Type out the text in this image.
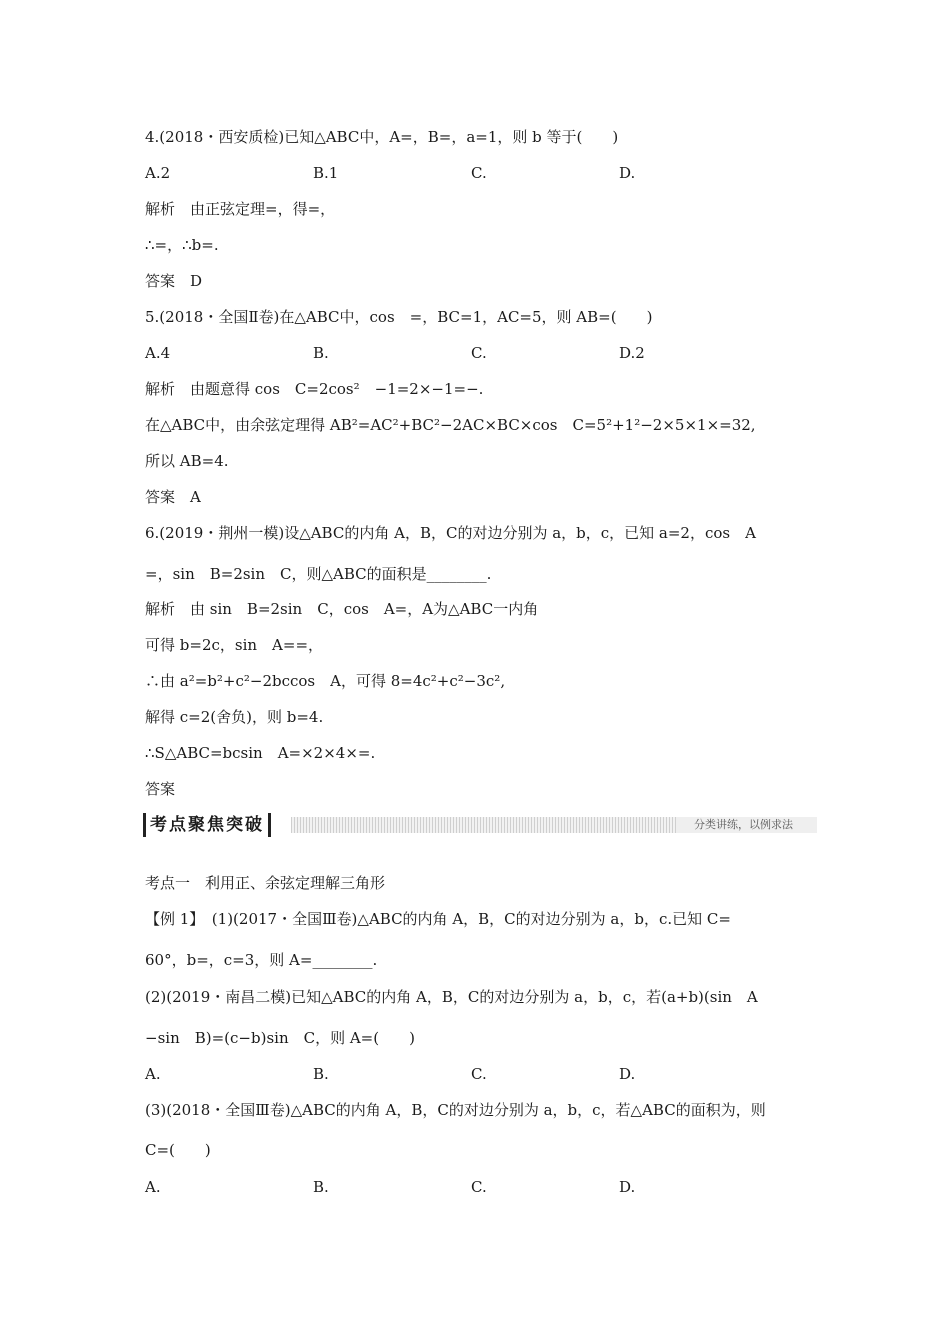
4.(2018・西安质检)已知△ABC中，A=，B=，a=1，则 b 等于(　　)
A.2	B.1	C.	D.
解析　由正弦定理=，得=，
∴=，∴b=.
答案　D
5.(2018・全国Ⅱ卷)在△ABC中，cos　=，BC=1，AC=5，则 AB=(　　)
A.4	B.	C.	D.2
解析　由题意得 cos　C=2cos²　−1=2×−1=−.
在△ABC中，由余弦定理得 AB²=AC²+BC²−2AC×BC×cos　C=5²+1²−2×5×1×=32,
所以 AB=4.
答案　A
6.(2019・荆州一模)设△ABC的内角 A，B，C的对边分别为 a，b，c，已知 a=2，cos　A
=，sin　B=2sin　C，则△ABC的面积是________.
解析　由 sin　B=2sin　C，cos　A=，A为△ABC一内角
可得 b=2c，sin　A==，
∴由 a²=b²+c²−2bccos　A，可得 8=4c²+c²−3c²,
解得 c=2(舍负)，则 b=4.
∴S△ABC=bcsin　A=×2×4×=.
答案
考点聚焦突破	分类讲练，以例求法
考点一　利用正、余弦定理解三角形
【例 1】　(1)(2017・全国Ⅲ卷)△ABC的内角 A，B，C的对边分别为 a，b，c.已知 C=
60°，b=，c=3，则 A=________.
(2)(2019・南昌二模)已知△ABC的内角 A，B，C的对边分别为 a，b，c，若(a+b)(sin　A
−sin　B)=(c−b)sin　C，则 A=(　　)
A.	B.	C.	D.
(3)(2018・全国Ⅲ卷)△ABC的内角 A，B，C的对边分别为 a，b，c，若△ABC的面积为，则
C=(　　)
A.	B.	C.	D.
